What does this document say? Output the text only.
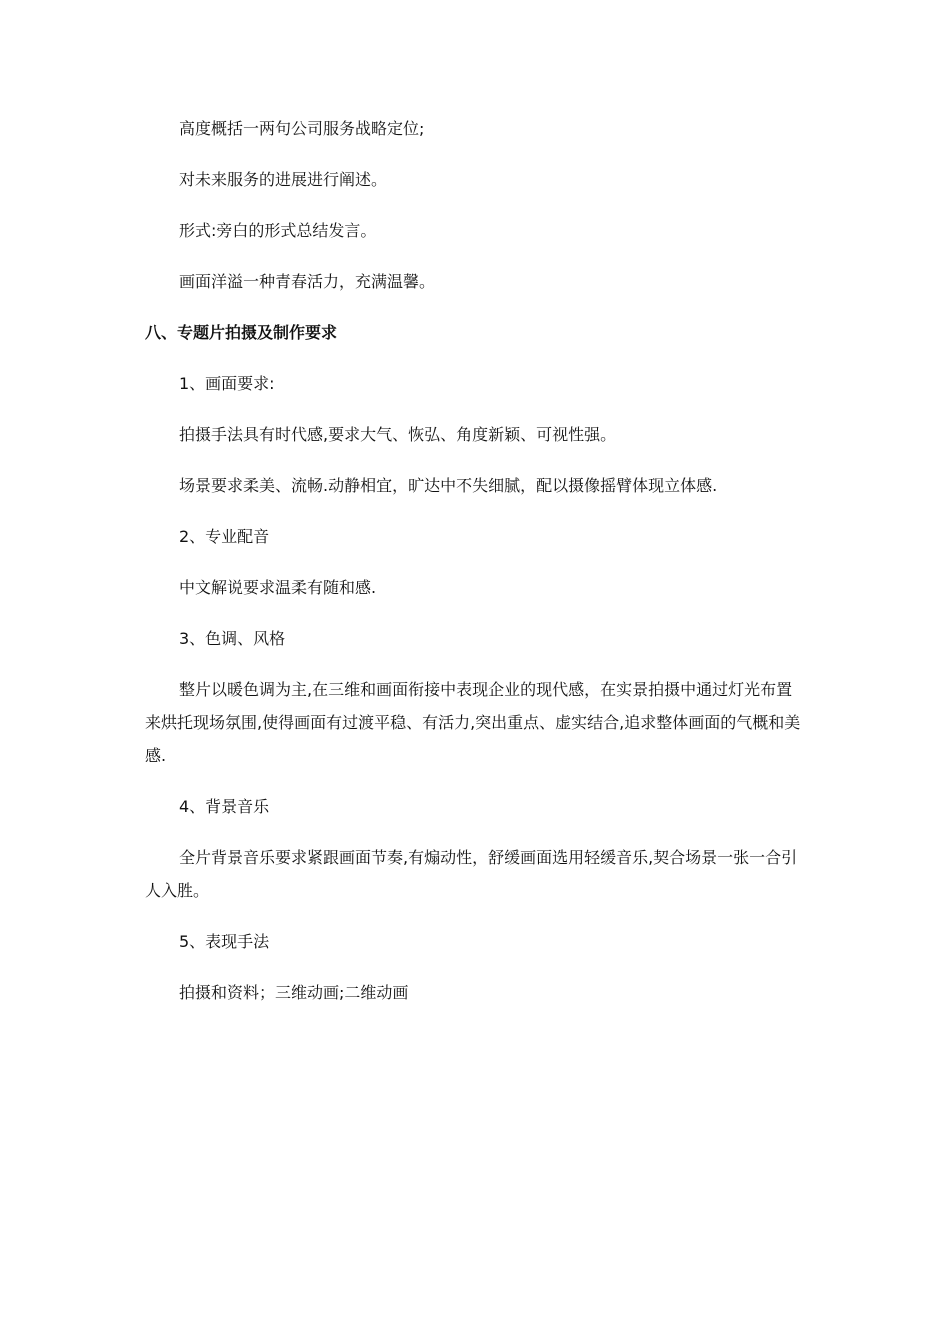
高度概括一两句公司服务战略定位;

对未来服务的进展进行阐述。

形式:旁白的形式总结发言。

画面洋溢一种青春活力，充满温馨。

八、专题片拍摄及制作要求

1、画面要求:

拍摄手法具有时代感,要求大气、恢弘、角度新颖、可视性强。

场景要求柔美、流畅.动静相宜，旷达中不失细腻，配以摄像摇臂体现立体感.

2、专业配音

中文解说要求温柔有随和感.

3、色调、风格

整片以暖色调为主,在三维和画面衔接中表现企业的现代感，在实景拍摄中通过灯光布置来烘托现场氛围,使得画面有过渡平稳、有活力,突出重点、虚实结合,追求整体画面的气概和美感.

4、背景音乐

全片背景音乐要求紧跟画面节奏,有煽动性，舒缓画面选用轻缓音乐,契合场景一张一合引人入胜。

5、表现手法

拍摄和资料；三维动画;二维动画
